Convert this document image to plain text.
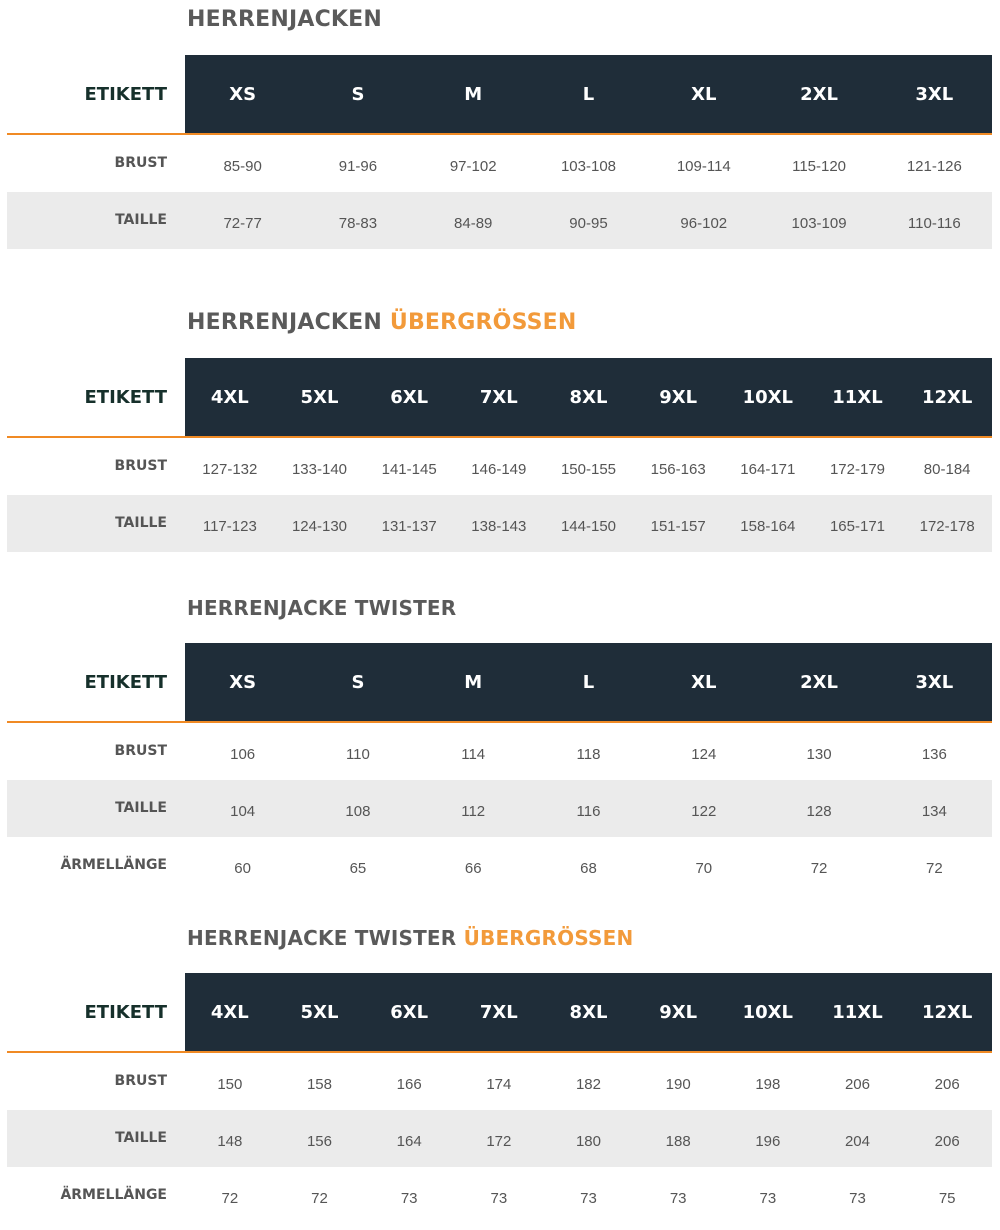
HERRENJACKEN
ETIKETT	XS	S	M	L	XL	2XL	3XL
BRUST	85-90	91-96	97-102	103-108	109-114	115-120	121-126
TAILLE	72-77	78-83	84-89	90-95	96-102	103-109	110-116
HERRENJACKEN ÜBERGRÖSSEN
ETIKETT	4XL	5XL	6XL	7XL	8XL	9XL	10XL	11XL	12XL
BRUST	127-132	133-140	141-145	146-149	150-155	156-163	164-171	172-179	80-184
TAILLE	117-123	124-130	131-137	138-143	144-150	151-157	158-164	165-171	172-178
HERRENJACKE TWISTER
ETIKETT	XS	S	M	L	XL	2XL	3XL
BRUST	106	110	114	118	124	130	136
TAILLE	104	108	112	116	122	128	134
ÄRMELLÄNGE	60	65	66	68	70	72	72
HERRENJACKE TWISTER ÜBERGRÖSSEN
ETIKETT	4XL	5XL	6XL	7XL	8XL	9XL	10XL	11XL	12XL
BRUST	150	158	166	174	182	190	198	206	206
TAILLE	148	156	164	172	180	188	196	204	206
ÄRMELLÄNGE	72	72	73	73	73	73	73	73	75
